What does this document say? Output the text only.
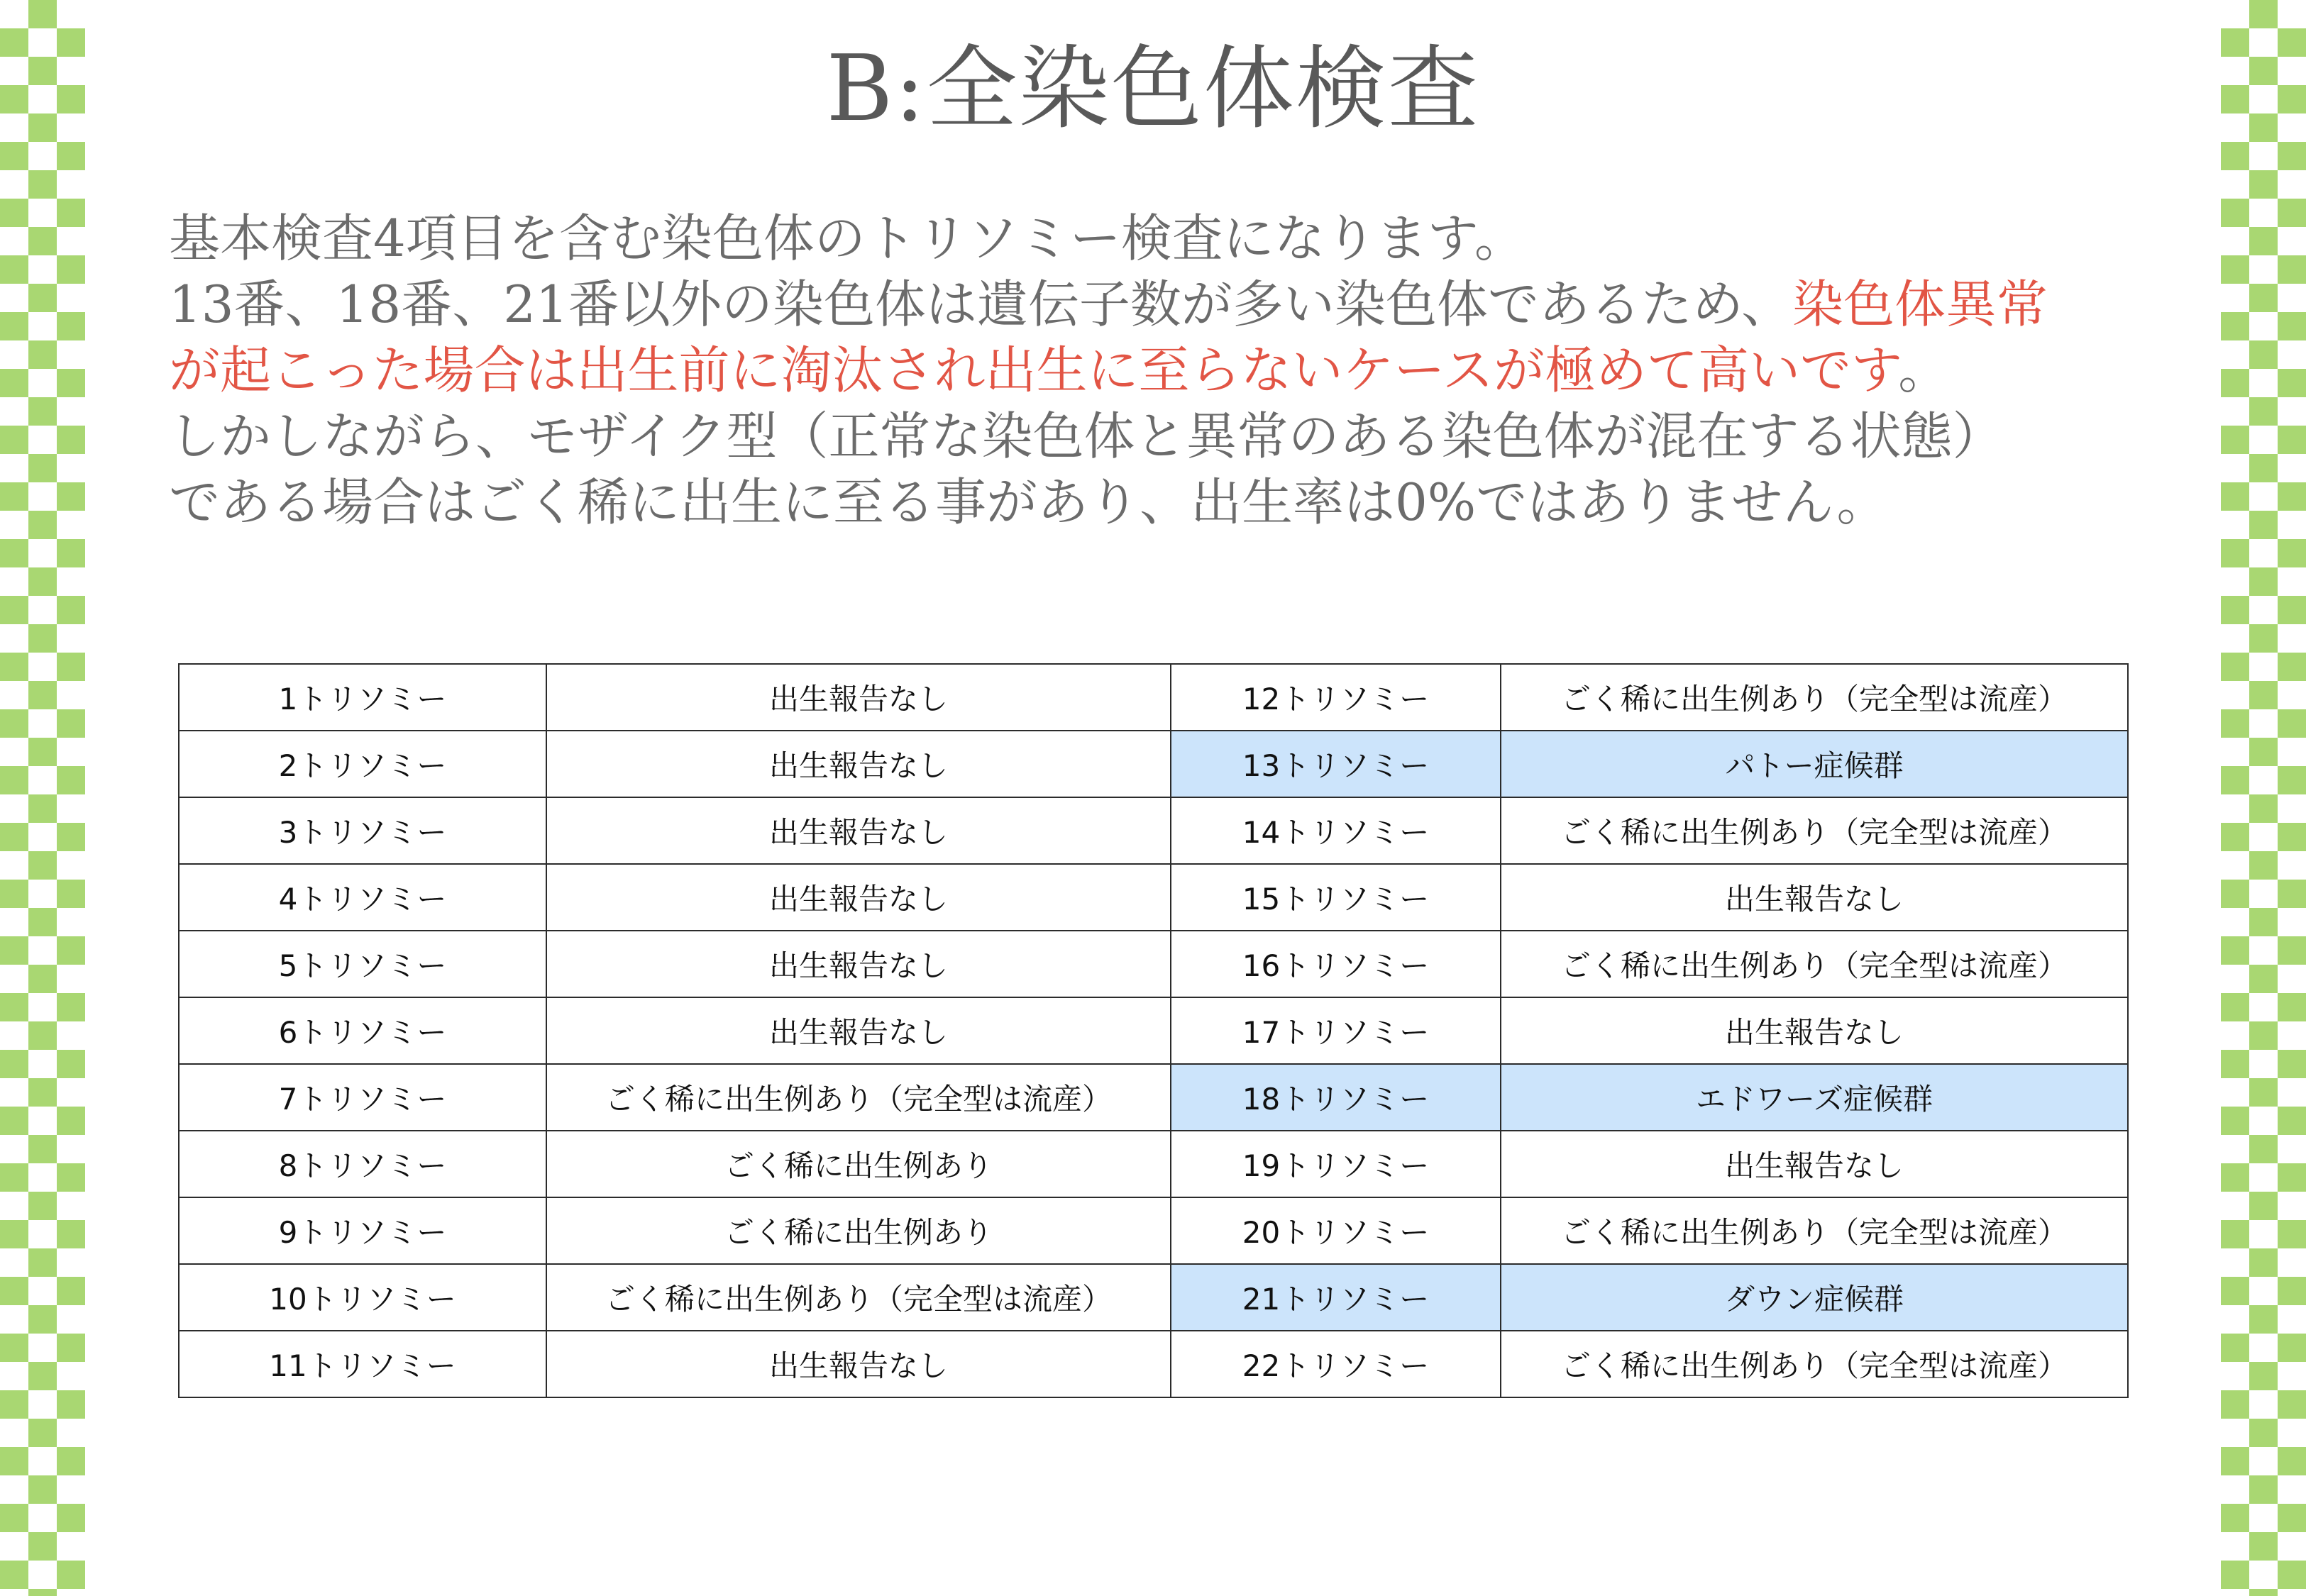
B:全染色体検査

基本検査4項目を含む染色体のトリソミー検査になります。

13番、18番、21番以外の染色体は遺伝子数が多い染色体であるため、染色体異常

が起こった場合は出生前に淘汰され出生に至らないケースが極めて高いです。

しかしながら、モザイク型（正常な染色体と異常のある染色体が混在する状態）

である場合はごく稀に出生に至る事があり、出生率は0%ではありません。

1トリソミー	出生報告なし	12トリソミー	ごく稀に出生例あり（完全型は流産）
2トリソミー	出生報告なし	13トリソミー	パトー症候群
3トリソミー	出生報告なし	14トリソミー	ごく稀に出生例あり（完全型は流産）
4トリソミー	出生報告なし	15トリソミー	出生報告なし
5トリソミー	出生報告なし	16トリソミー	ごく稀に出生例あり（完全型は流産）
6トリソミー	出生報告なし	17トリソミー	出生報告なし
7トリソミー	ごく稀に出生例あり（完全型は流産）	18トリソミー	エドワーズ症候群
8トリソミー	ごく稀に出生例あり	19トリソミー	出生報告なし
9トリソミー	ごく稀に出生例あり	20トリソミー	ごく稀に出生例あり（完全型は流産）
10トリソミー	ごく稀に出生例あり（完全型は流産）	21トリソミー	ダウン症候群
11トリソミー	出生報告なし	22トリソミー	ごく稀に出生例あり（完全型は流産）
